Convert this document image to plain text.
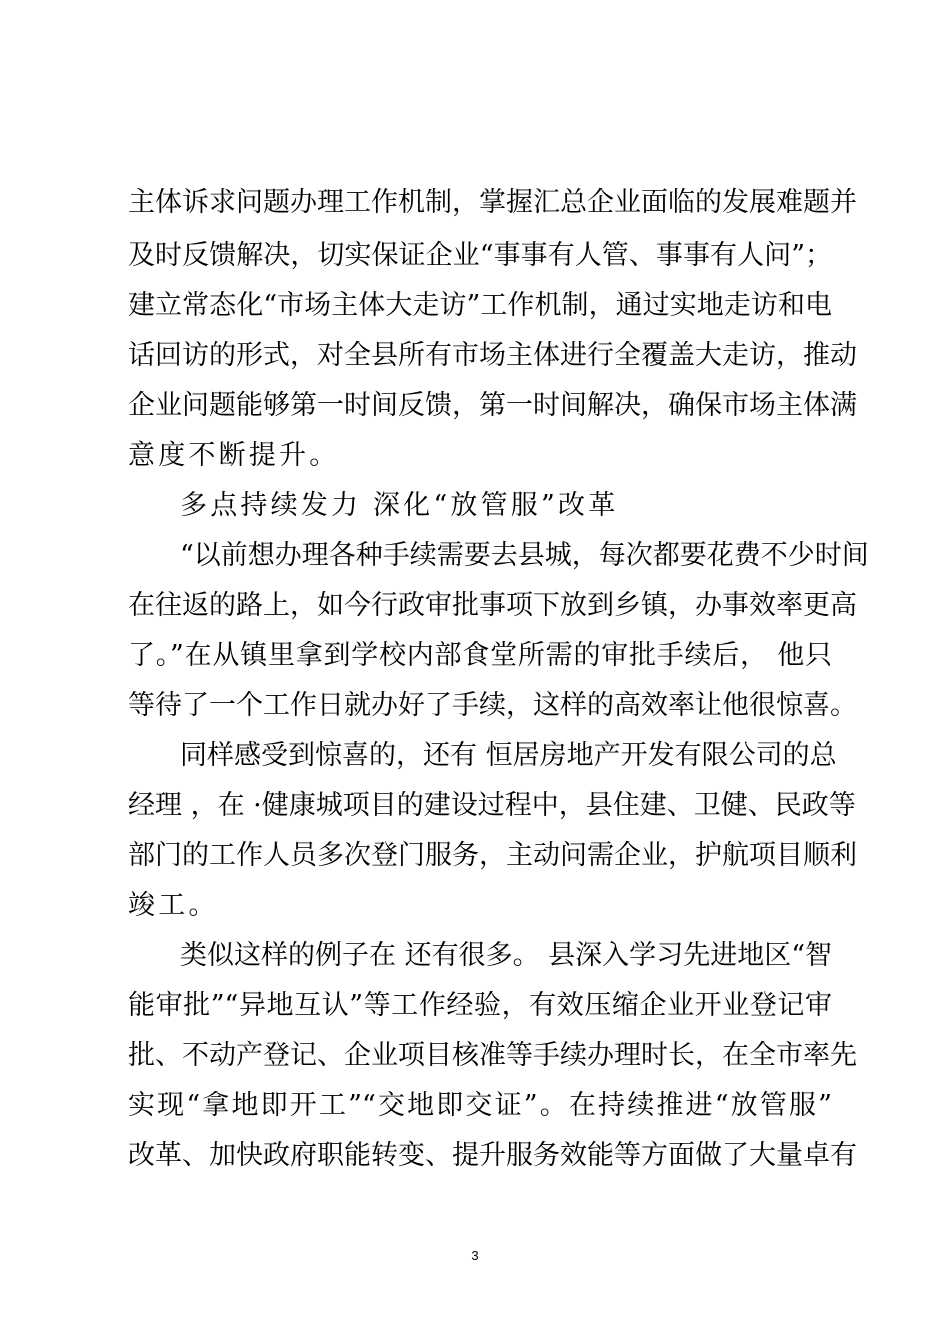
主体诉求问题办理工作机制，掌握汇总企业面临的发展难题并
及时反馈解决，切实保证企业“事事有人管、事事有人问”；
建立常态化“市场主体大走访”工作机制，通过实地走访和电
话回访的形式，对全县所有市场主体进行全覆盖大走访，推动
企业问题能够第一时间反馈，第一时间解决，确保市场主体满
意度不断提升。
多点持续发力 深化“放管服”改革
“以前想办理各种手续需要去县城，每次都要花费不少时间
在往返的路上，如今行政审批事项下放到乡镇，办事效率更高
了。”在从镇里拿到学校内部食堂所需的审批手续后， 他只
等待了一个工作日就办好了手续，这样的高效率让他很惊喜。
同样感受到惊喜的，还有 恒居房地产开发有限公司的总
经理 ，在 ·健康城项目的建设过程中，县住建、卫健、民政等
部门的工作人员多次登门服务，主动问需企业，护航项目顺利
竣工。
类似这样的例子在 还有很多。 县深入学习先进地区“智
能审批”“异地互认”等工作经验，有效压缩企业开业登记审
批、不动产登记、企业项目核准等手续办理时长，在全市率先
实现“拿地即开工”“交地即交证”。在持续推进“放管服”
改革、加快政府职能转变、提升服务效能等方面做了大量卓有
3
